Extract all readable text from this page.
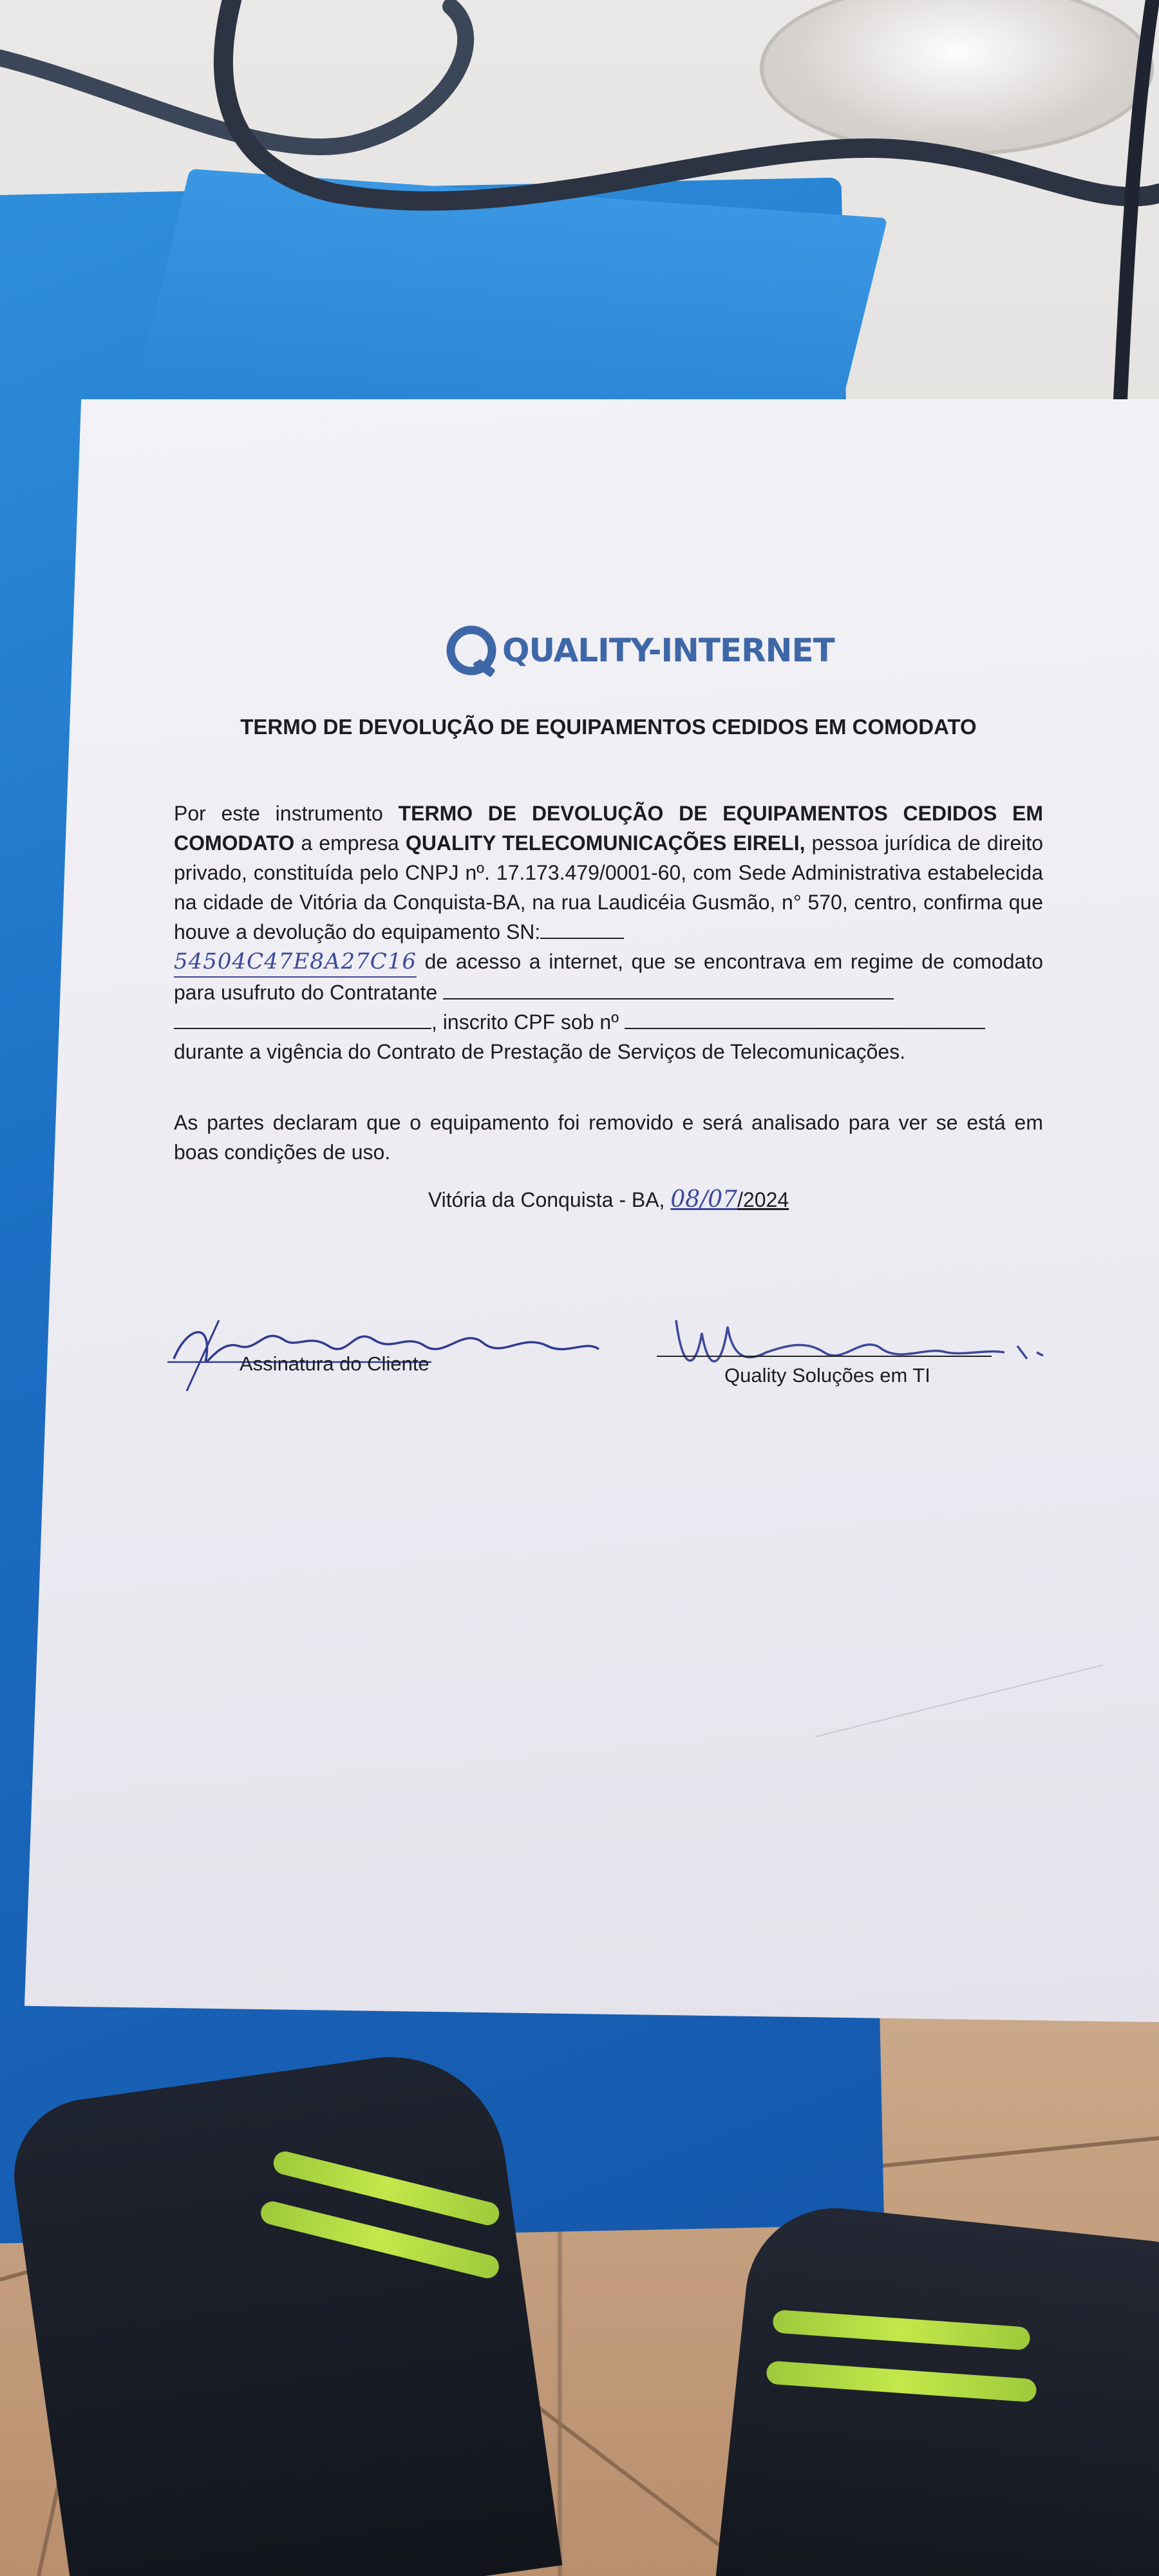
QUALITY-INTERNET
TERMO DE DEVOLUÇÃO DE EQUIPAMENTOS CEDIDOS EM COMODATO
Por este instrumento TERMO DE DEVOLUÇÃO DE EQUIPAMENTOS CEDIDOS EM COMODATO a empresa QUALITY TELECOMUNICAÇÕES EIRELI, pessoa jurídica de direito privado, constituída pelo CNPJ nº. 17.173.479/0001-60, com Sede Administrativa estabelecida na cidade de Vitória da Conquista-BA, na rua Laudicéia Gusmão, n° 570, centro, confirma que houve a devolução do equipamento SN:
54504C47E8A27C16 de acesso a internet, que se encontrava em regime de comodato para usufruto do Contratante
, inscrito CPF sob nº
durante a vigência do Contrato de Prestação de Serviços de Telecomunicações.
As partes declaram que o equipamento foi removido e será analisado para ver se está em boas condições de uso.
Vitória da Conquista - BA, 08/07/2024
Assinatura do Cliente
Quality Soluções em TI
